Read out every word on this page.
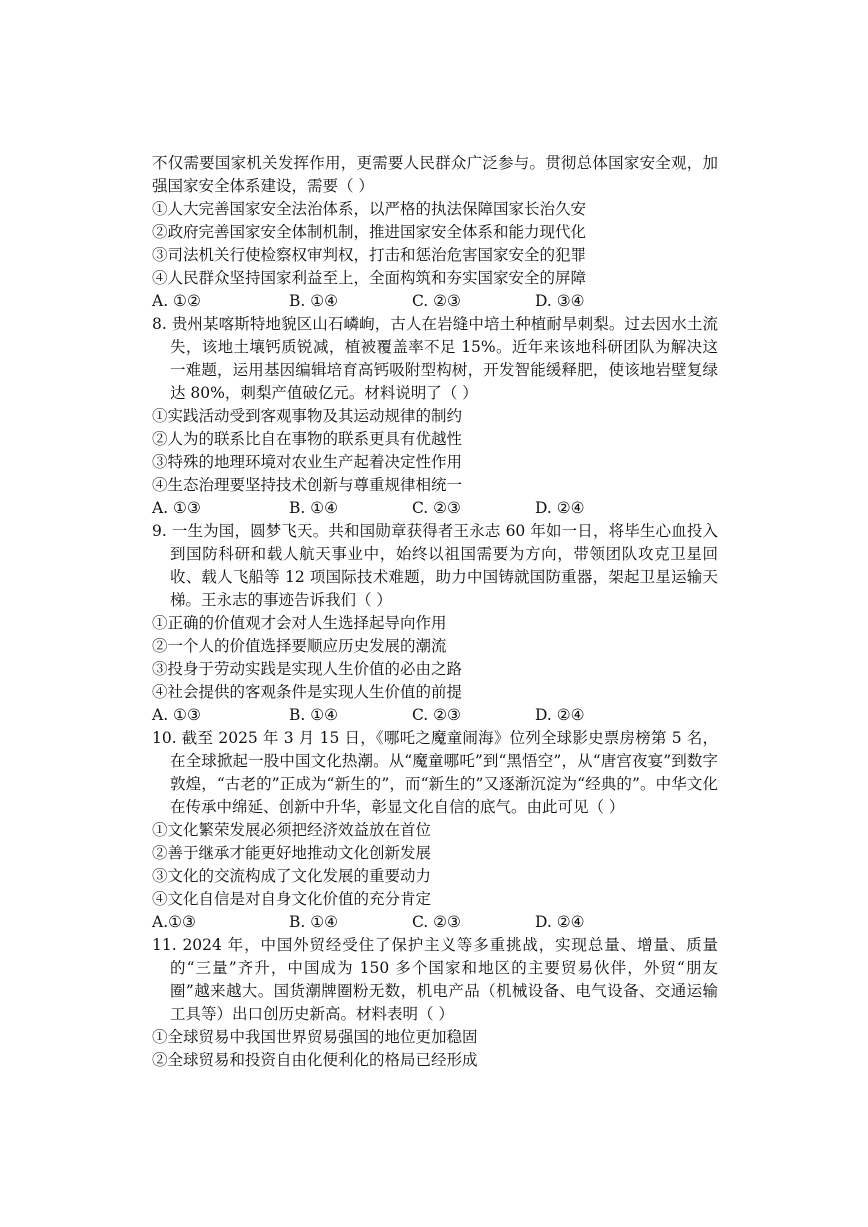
不仅需要国家机关发挥作用，更需要人民群众广泛参与。贯彻总体国家安全观，加强国家安全体系建设，需要（ ）

①人大完善国家安全法治体系，以严格的执法保障国家长治久安

②政府完善国家安全体制机制，推进国家安全体系和能力现代化

③司法机关行使检察权审判权，打击和惩治危害国家安全的犯罪

④人民群众坚持国家利益至上，全面构筑和夯实国家安全的屏障

A. ①②	B. ①④	C. ②③	D. ③④

8. 贵州某喀斯特地貌区山石嶙峋，古人在岩缝中培土种植耐旱刺梨。过去因水土流失，该地土壤钙质锐减，植被覆盖率不足 15%。近年来该地科研团队为解决这一难题，运用基因编辑培育高钙吸附型构树，开发智能缓释肥，使该地岩壁复绿达 80%，刺梨产值破亿元。材料说明了（ ）

①实践活动受到客观事物及其运动规律的制约

②人为的联系比自在事物的联系更具有优越性

③特殊的地理环境对农业生产起着决定性作用

④生态治理要坚持技术创新与尊重规律相统一

A. ①③	B. ①④	C. ②③	D. ②④

9. 一生为国，圆梦飞天。共和国勋章获得者王永志 60 年如一日，将毕生心血投入到国防科研和载人航天事业中，始终以祖国需要为方向，带领团队攻克卫星回收、载人飞船等 12 项国际技术难题，助力中国铸就国防重器，架起卫星运输天梯。王永志的事迹告诉我们（ ）

①正确的价值观才会对人生选择起导向作用

②一个人的价值选择要顺应历史发展的潮流

③投身于劳动实践是实现人生价值的必由之路

④社会提供的客观条件是实现人生价值的前提

A. ①③	B. ①④	C. ②③	D. ②④

10. 截至 2025 年 3 月 15 日，《哪吒之魔童闹海》位列全球影史票房榜第 5 名，在全球掀起一股中国文化热潮。从“魔童哪吒”到“黑悟空”，从“唐宫夜宴”到数字敦煌，“古老的”正成为“新生的”，而“新生的”又逐渐沉淀为“经典的”。中华文化在传承中绵延、创新中升华，彰显文化自信的底气。由此可见（ ）

①文化繁荣发展必须把经济效益放在首位

②善于继承才能更好地推动文化创新发展

③文化的交流构成了文化发展的重要动力

④文化自信是对自身文化价值的充分肯定

A.①③	B. ①④	C. ②③	D. ②④

11. 2024 年，中国外贸经受住了保护主义等多重挑战，实现总量、增量、质量的“三量”齐升，中国成为 150 多个国家和地区的主要贸易伙伴，外贸“朋友圈”越来越大。国货潮牌圈粉无数，机电产品（机械设备、电气设备、交通运输工具等）出口创历史新高。材料表明（ ）

①全球贸易中我国世界贸易强国的地位更加稳固

②全球贸易和投资自由化便利化的格局已经形成
